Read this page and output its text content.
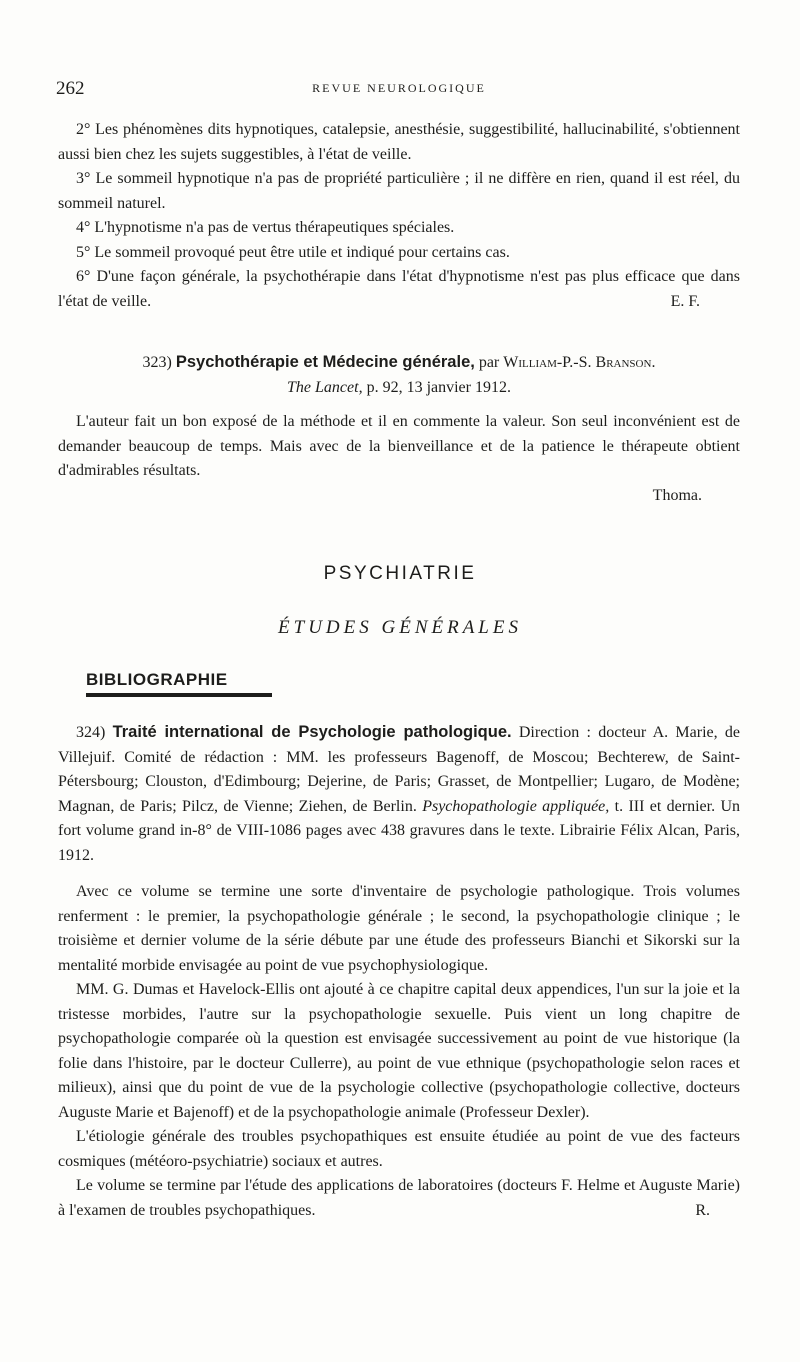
262	REVUE NEUROLOGIQUE

2° Les phénomènes dits hypnotiques, catalepsie, anesthésie, suggestibilité, hallucinabilité, s'obtiennent aussi bien chez les sujets suggestibles, à l'état de veille.

3° Le sommeil hypnotique n'a pas de propriété particulière ; il ne diffère en rien, quand il est réel, du sommeil naturel.

4° L'hypnotisme n'a pas de vertus thérapeutiques spéciales.

5° Le sommeil provoqué peut être utile et indiqué pour certains cas.

6° D'une façon générale, la psychothérapie dans l'état d'hypnotisme n'est pas plus efficace que dans l'état de veille.	E. F.

323) Psychothérapie et Médecine générale, par William-P.-S. Branson.

The Lancet, p. 92, 13 janvier 1912.

L'auteur fait un bon exposé de la méthode et il en commente la valeur. Son seul inconvénient est de demander beaucoup de temps. Mais avec de la bienveillance et de la patience le thérapeute obtient d'admirables résultats.

Thoma.

PSYCHIATRIE
ÉTUDES GÉNÉRALES
BIBLIOGRAPHIE

324) Traité international de Psychologie pathologique. Direction : docteur A. Marie, de Villejuif. Comité de rédaction : MM. les professeurs Bagenoff, de Moscou; Bechterew, de Saint-Pétersbourg; Clouston, d'Edimbourg; Dejerine, de Paris; Grasset, de Montpellier; Lugaro, de Modène; Magnan, de Paris; Pilcz, de Vienne; Ziehen, de Berlin. Psychopathologie appliquée, t. III et dernier. Un fort volume grand in-8° de VIII-1086 pages avec 438 gravures dans le texte. Librairie Félix Alcan, Paris, 1912.

Avec ce volume se termine une sorte d'inventaire de psychologie pathologique. Trois volumes renferment : le premier, la psychopathologie générale ; le second, la psychopathologie clinique ; le troisième et dernier volume de la série débute par une étude des professeurs Bianchi et Sikorski sur la mentalité morbide envisagée au point de vue psychophysiologique.

MM. G. Dumas et Havelock-Ellis ont ajouté à ce chapitre capital deux appendices, l'un sur la joie et la tristesse morbides, l'autre sur la psychopathologie sexuelle. Puis vient un long chapitre de psychopathologie comparée où la question est envisagée successivement au point de vue historique (la folie dans l'histoire, par le docteur Cullerre), au point de vue ethnique (psychopathologie selon races et milieux), ainsi que du point de vue de la psychologie collective (psychopathologie collective, docteurs Auguste Marie et Bajenoff) et de la psychopathologie animale (Professeur Dexler).

L'étiologie générale des troubles psychopathiques est ensuite étudiée au point de vue des facteurs cosmiques (météoro-psychiatrie) sociaux et autres.

Le volume se termine par l'étude des applications de laboratoires (docteurs F. Helme et Auguste Marie) à l'examen de troubles psychopathiques.	R.
